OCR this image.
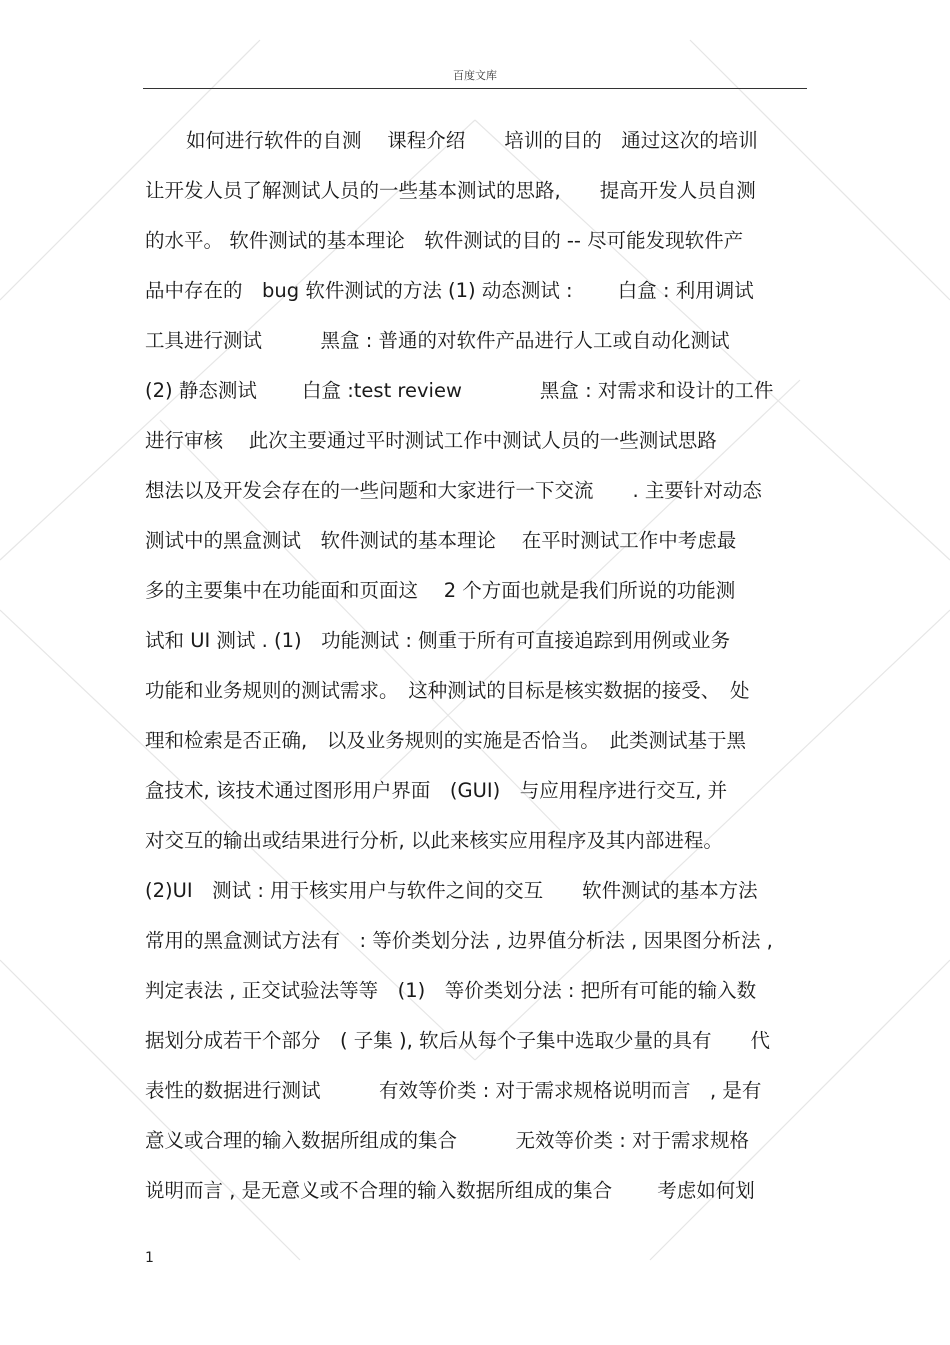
百度文库
如何进行软件的自测　 课程介绍　　培训的目的　通过这次的培训
让开发人员了解测试人员的一些基本测试的思路,　　提高开发人员自测
的水平。 软件测试的基本理论　软件测试的目的 -- 尽可能发现软件产
品中存在的　bug 软件测试的方法 (1) 动态测试 :　　 白盒 : 利用调试
工具进行测试　　　黑盒 : 普通的对软件产品进行人工或自动化测试
(2) 静态测试　　 白盒 :test review　　　　黑盒 : 对需求和设计的工件
进行审核　 此次主要通过平时测试工作中测试人员的一些测试思路
想法以及开发会存在的一些问题和大家进行一下交流　　. 主要针对动态
测试中的黑盒测试　软件测试的基本理论　 在平时测试工作中考虑最
多的主要集中在功能面和页面这　 2 个方面也就是我们所说的功能测
试和 UI 测试 . (1)　功能测试 : 侧重于所有可直接追踪到用例或业务
功能和业务规则的测试需求。　这种测试的目标是核实数据的接受、　处
理和检索是否正确,　以及业务规则的实施是否恰当。　此类测试基于黑
盒技术, 该技术通过图形用户界面　(GUI)　与应用程序进行交互, 并
对交互的输出或结果进行分析, 以此来核实应用程序及其内部进程。
(2)UI　测试 : 用于核实用户与软件之间的交互　　软件测试的基本方法
常用的黑盒测试方法有　: 等价类划分法 , 边界值分析法 , 因果图分析法 ,
判定表法 , 正交试验法等等　(1)　等价类划分法 : 把所有可能的输入数
据划分成若干个部分　( 子集 ), 软后从每个子集中选取少量的具有　　代
表性的数据进行测试　　　有效等价类 : 对于需求规格说明而言　, 是有
意义或合理的输入数据所组成的集合　　　无效等价类 : 对于需求规格
说明而言 , 是无意义或不合理的输入数据所组成的集合　　 考虑如何划
1
